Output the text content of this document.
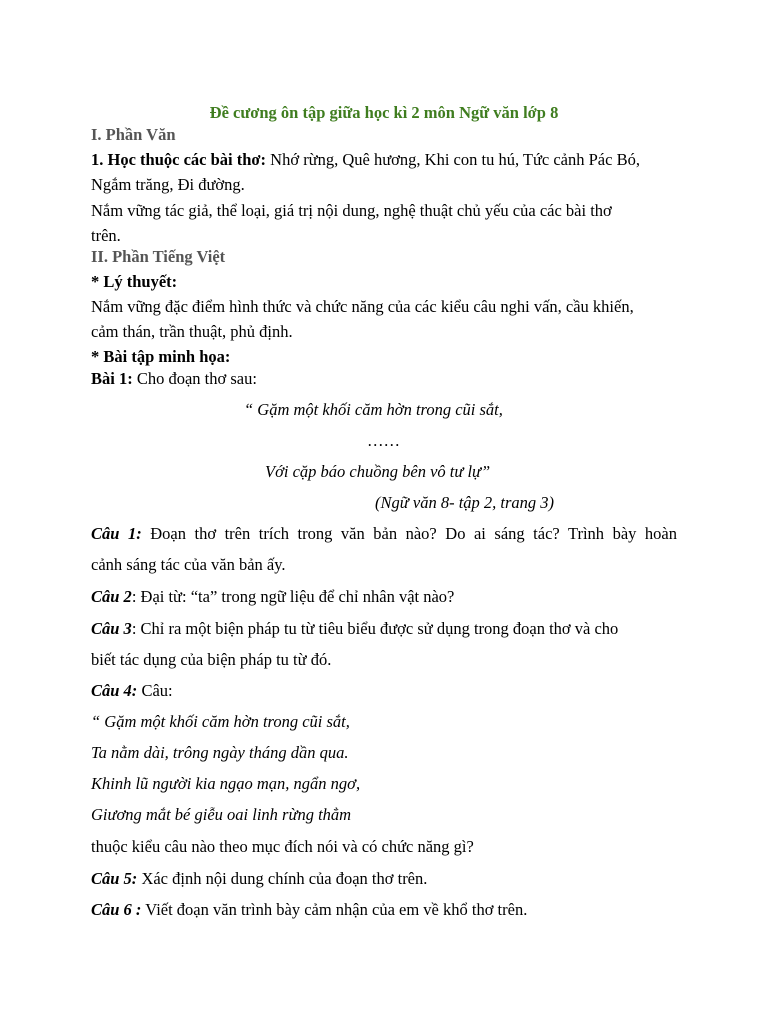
Đề cương ôn tập giữa học kì 2 môn Ngữ văn lớp 8
I. Phần Văn
1. Học thuộc các bài thơ: Nhớ rừng, Quê hương, Khi con tu hú, Tức cảnh Pác Bó,
Ngắm trăng, Đi đường.
Nắm vững tác giả, thể loại, giá trị nội dung, nghệ thuật chủ yếu của các bài thơ
trên.
II. Phần Tiếng Việt
* Lý thuyết:
Nắm vững đặc điểm hình thức và chức năng của các kiểu câu nghi vấn, cầu khiến,
cảm thán, trần thuật, phủ định.
* Bài tập minh họa:
Bài 1: Cho đoạn thơ sau:
“ Gặm một khối căm hờn trong cũi sắt,
……
Với cặp báo chuồng bên vô tư lự”
(Ngữ văn 8- tập 2, trang 3)
Câu 1: Đoạn thơ trên trích trong văn bản nào? Do ai sáng tác? Trình bày hoàn
cảnh sáng tác của văn bản ấy.
Câu 2: Đại từ: “ta” trong ngữ liệu để chỉ nhân vật nào?
Câu 3: Chỉ ra một biện pháp tu từ tiêu biểu được sử dụng trong đoạn thơ và cho
biết tác dụng của biện pháp tu từ đó.
Câu 4: Câu:
“ Gặm một khối căm hờn trong cũi sắt,
Ta nằm dài, trông ngày tháng dần qua.
Khinh lũ người kia ngạo mạn, ngẩn ngơ,
Giương mắt bé giễu oai linh rừng thẳm
thuộc kiểu câu nào theo mục đích nói và có chức năng gì?
Câu 5: Xác định nội dung chính của đoạn thơ trên.
Câu 6 : Viết đoạn văn trình bày cảm nhận của em về khổ thơ trên.
